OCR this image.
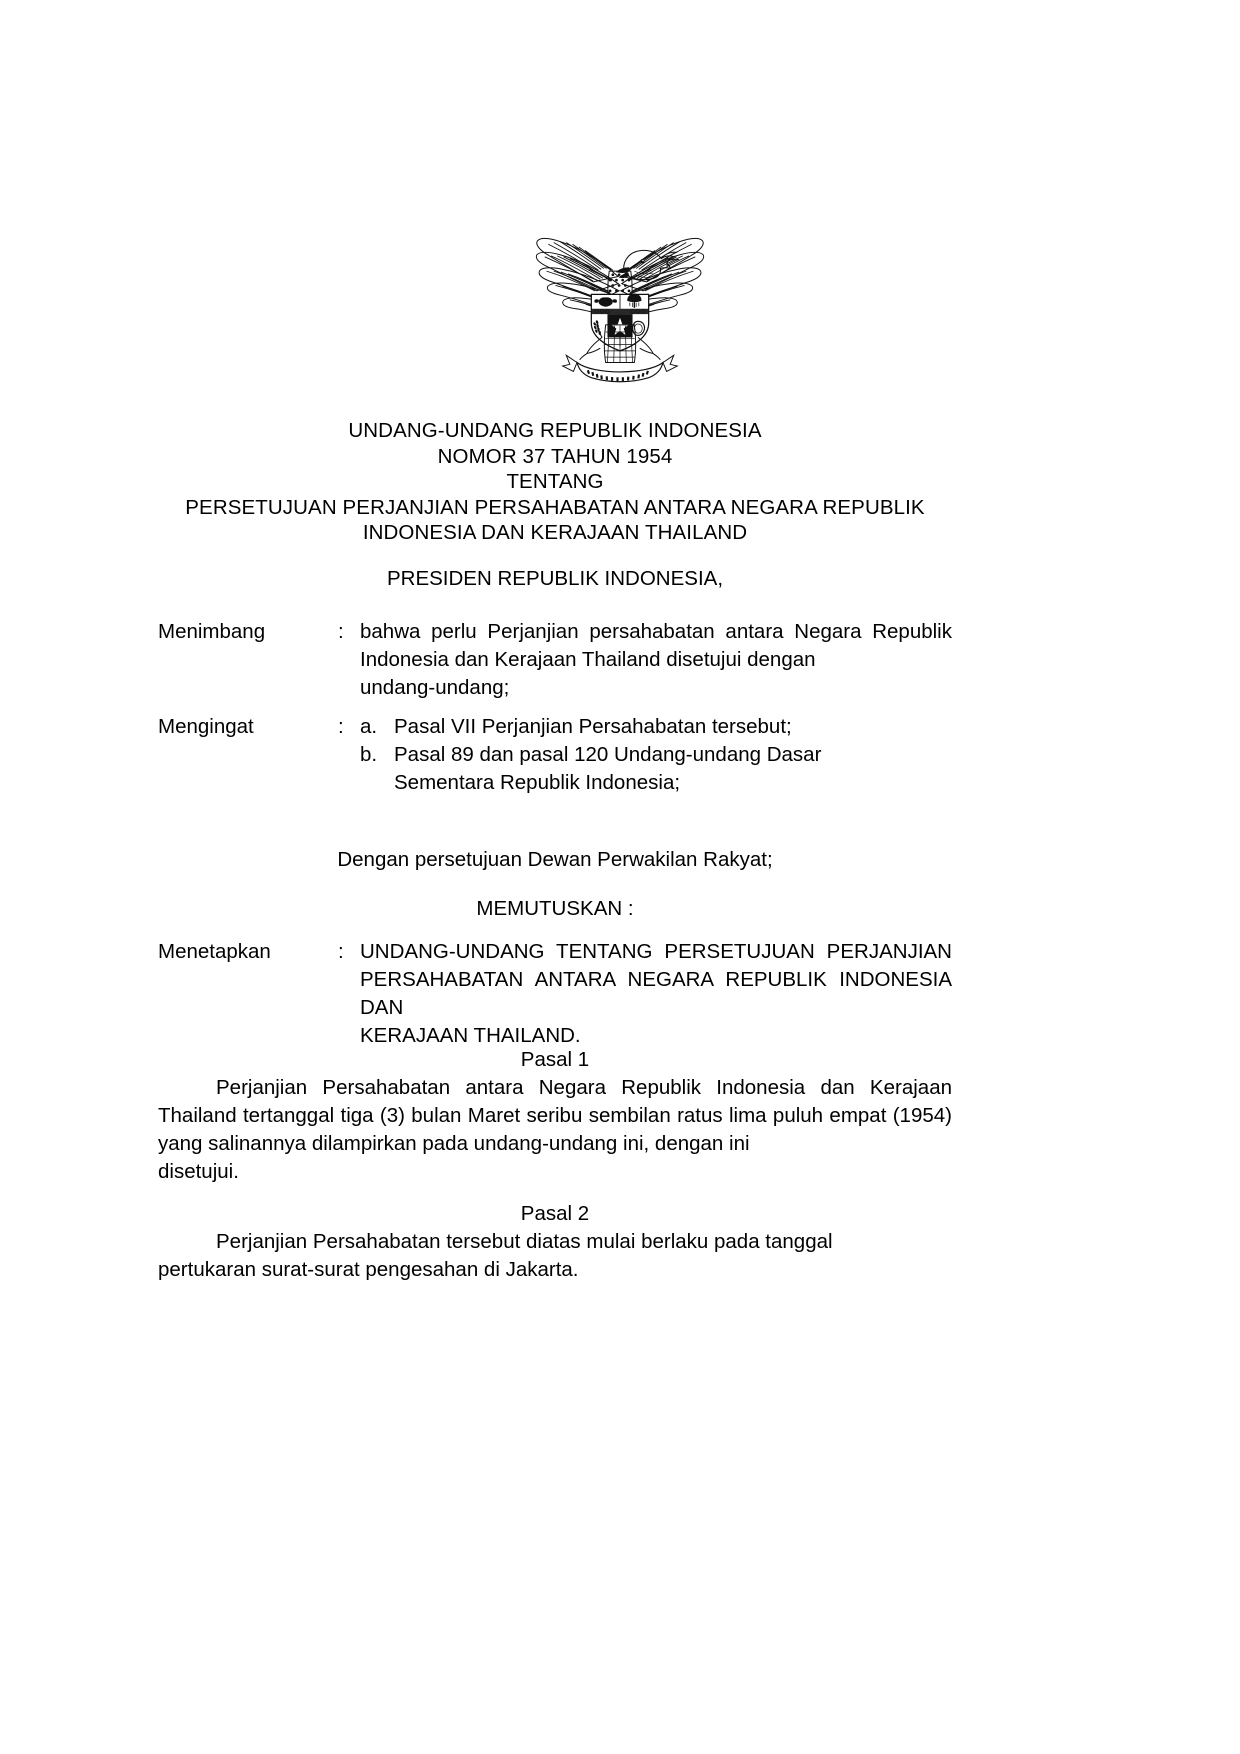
UNDANG-UNDANG REPUBLIK INDONESIA
NOMOR 37 TAHUN 1954
TENTANG
PERSETUJUAN PERJANJIAN PERSAHABATAN ANTARA NEGARA REPUBLIK
INDONESIA DAN KERAJAAN THAILAND
PRESIDEN REPUBLIK INDONESIA,
Menimbang	: bahwa perlu Perjanjian persahabatan antara Negara Republik Indonesia dan Kerajaan Thailand disetujui dengan

undang-undang;

Mengingat	: a. Pasal VII Perjanjian Persahabatan tersebut;
b. Pasal 89 dan pasal 120 Undang-undang Dasar
Sementara Republik Indonesia;
Dengan persetujuan Dewan Perwakilan Rakyat;
MEMUTUSKAN :
Menetapkan	: UNDANG-UNDANG TENTANG PERSETUJUAN PERJANJIAN PERSAHABATAN ANTARA NEGARA REPUBLIK INDONESIA DAN

KERAJAAN THAILAND.

Pasal 1

Perjanjian Persahabatan antara Negara Republik Indonesia dan Kerajaan Thailand tertanggal tiga (3) bulan Maret seribu sembilan ratus lima puluh empat (1954) yang salinannya dilampirkan pada undang-undang ini, dengan ini

disetujui.

Pasal 2

Perjanjian Persahabatan tersebut diatas mulai berlaku pada tanggal

pertukaran surat-surat pengesahan di Jakarta.
